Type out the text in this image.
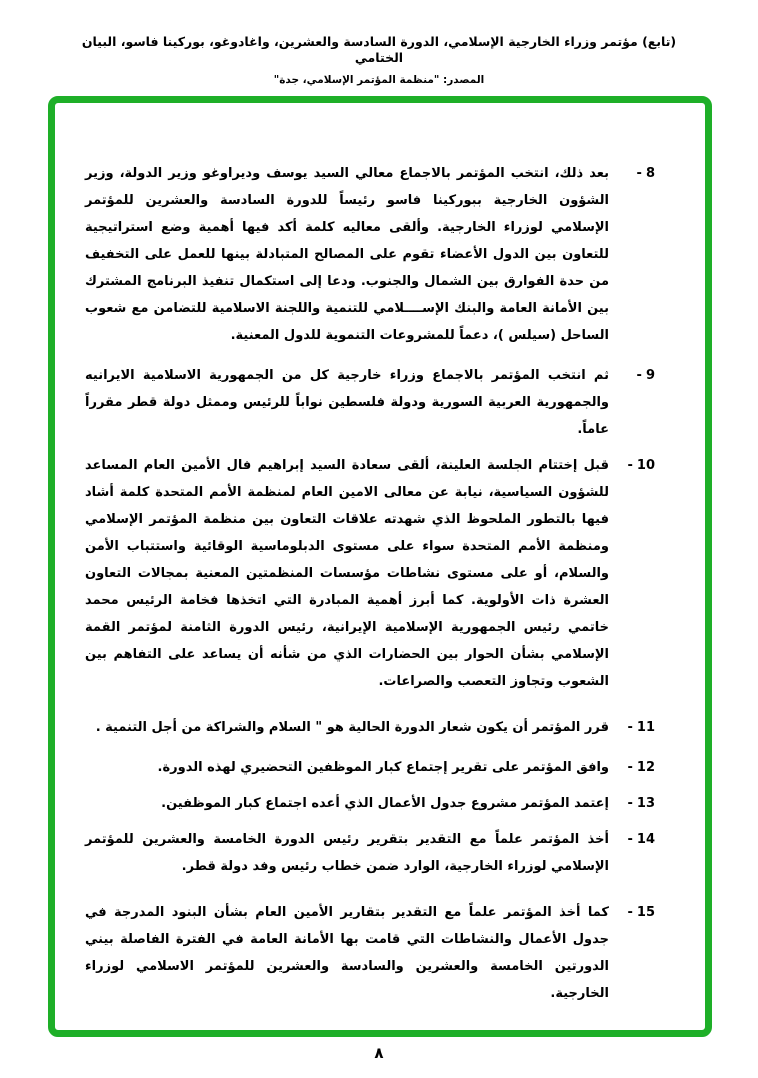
(تابع) مؤتمر وزراء الخارجية الإسلامي، الدورة السادسة والعشرين، واغادوغو، بوركينا فاسو، البيان الختامي
المصدر: "منظمة المؤتمر الإسلامي، جدة"
- 8

بعد ذلك، انتخب المؤتمر بالاجماع معالي السيد يوسف وديراوغو وزير الدولة، وزير الشؤون الخارجية ببوركينا فاسو رئيساً للدورة السادسة والعشرين للمؤتمر الإسلامي لوزراء الخارجية. وألقى معاليه كلمة أكد فيها أهمية وضع استراتيجية للتعاون بين الدول الأعضاء تقوم على المصالح المتبادلة بينها للعمل على التخفيف من حدة الفوارق بين الشمال والجنوب. ودعا إلى استكمال تنفيذ البرنامج المشترك بين الأمانة العامة والبنك الإســــلامي للتنمية واللجنة الاسلامية للتضامن مع شعوب الساحل (سيلس )، دعماً للمشروعات التنموية للدول المعنية.

- 9

ثم انتخب المؤتمر بالاجماع وزراء خارجية كل من الجمهورية الاسلامية الايرانيه والجمهورية العربية السورية ودولة فلسطين نواباً للرئيس وممثل دولة قطر مقرراً عاماً.

- 10

قبل إختتام الجلسة العلينة، ألقى سعادة السيد إبراهيم فال الأمين العام المساعد للشؤون السياسية، نيابة عن معالى الامين العام لمنظمة الأمم المتحدة كلمة أشاد فيها بالتطور الملحوظ الذي شهدته علاقات التعاون بين منظمة المؤتمر الإسلامي ومنظمة الأمم المتحدة سواء على مستوى الدبلوماسية الوقائية واستتباب الأمن والسلام، أو على مستوى نشاطات مؤسسات المنظمتين المعنية بمجالات التعاون العشرة ذات الأولوية. كما أبرز أهمية المبادرة التي اتخذها فخامة الرئيس محمد خاتمي رئيس الجمهورية الإسلامية الإيرانية، رئيس الدورة الثامنة لمؤتمر القمة الإسلامي بشأن الحوار بين الحضارات الذي من شأنه أن يساعد على التفاهم بين الشعوب وتجاوز التعصب والصراعات.

- 11

قرر المؤتمر أن يكون شعار الدورة الحالية هو " السلام والشراكة من أجل التنمية .

- 12

وافق المؤتمر على تقرير إجتماع كبار الموظفين التحضيري لهذه الدورة.

- 13

إعتمد المؤتمر مشروع جدول الأعمال الذي أعده اجتماع كبار الموظفين.

- 14

أخذ المؤتمر علماً مع التقدير بتقرير رئيس الدورة الخامسة والعشرين للمؤتمر الإسلامي لوزراء الخارجية، الوارد ضمن خطاب رئيس وفد دولة قطر.

- 15

كما أخذ المؤتمر علماً مع التقدير بتقارير الأمين العام بشأن البنود المدرجة في جدول الأعمال والنشاطات التي قامت بها الأمانة العامة في الفترة الفاصلة بيني الدورتين الخامسة والعشرين والسادسة والعشرين للمؤتمر الاسلامي لوزراء الخارجية.

٨
